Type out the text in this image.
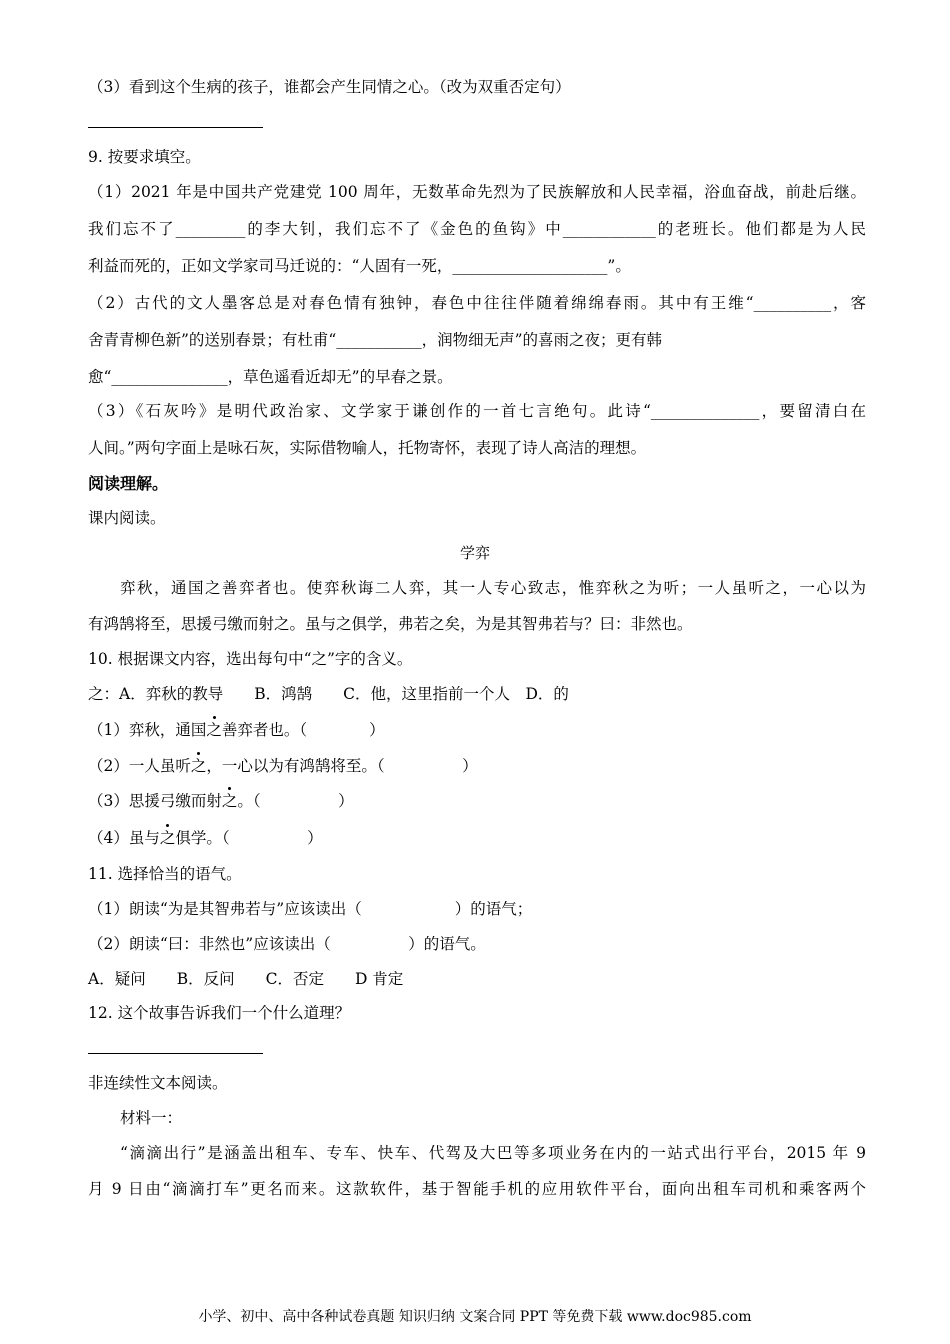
（3）看到这个生病的孩子，谁都会产生同情之心。（改为双重否定句）
9. 按要求填空。
（1）2021 年是中国共产党建党 100 周年，无数革命先烈为了民族解放和人民幸福，浴血奋战，前赴后继。
我们忘不了_________的李大钊，我们忘不了《金色的鱼钩》中____________的老班长。他们都是为人民
利益而死的，正如文学家司马迁说的：“人固有一死，____________________”。
（2）古代的文人墨客总是对春色情有独钟，春色中往往伴随着绵绵春雨。其中有王维“__________，客
舍青青柳色新”的送别春景；有杜甫“___________，润物细无声”的喜雨之夜；更有韩
愈“_______________，草色遥看近却无”的早春之景。
（3）《石灰吟》是明代政治家、文学家于谦创作的一首七言绝句。此诗“______________，要留清白在
人间。”两句字面上是咏石灰，实际借物喻人，托物寄怀，表现了诗人高洁的理想。
阅读理解。
课内阅读。
学弈
弈秋，通国之善弈者也。使弈秋诲二人弈，其一人专心致志，惟弈秋之为听；一人虽听之，一心以为
有鸿鹄将至，思援弓缴而射之。虽与之俱学，弗若之矣，为是其智弗若与？曰：非然也。
10. 根据课文内容，选出每句中“之”字的含义。
之：A．弈秋的教导　　B．鸿鹄　　C．他，这里指前一个人　D．的
（1）弈秋，通国之善弈者也。（　　　　）
（2）一人虽听之，一心以为有鸿鹄将至。（　　　　　）
（3）思援弓缴而射之。（　　　　　）
（4）虽与之俱学。（　　　　　）
11. 选择恰当的语气。
（1）朗读“为是其智弗若与”应该读出（　　　　　　）的语气；
（2）朗读“曰：非然也”应该读出（　　　　　）的语气。
A．疑问　　B．反问　　C．否定　　D 肯定
12. 这个故事告诉我们一个什么道理？
非连续性文本阅读。
材料一：
“滴滴出行”是涵盖出租车、专车、快车、代驾及大巴等多项业务在内的一站式出行平台，2015 年 9
月 9 日由“滴滴打车”更名而来。这款软件，基于智能手机的应用软件平台，面向出租车司机和乘客两个
小学、初中、高中各种试卷真题 知识归纳 文案合同 PPT 等免费下载 www.doc985.com
